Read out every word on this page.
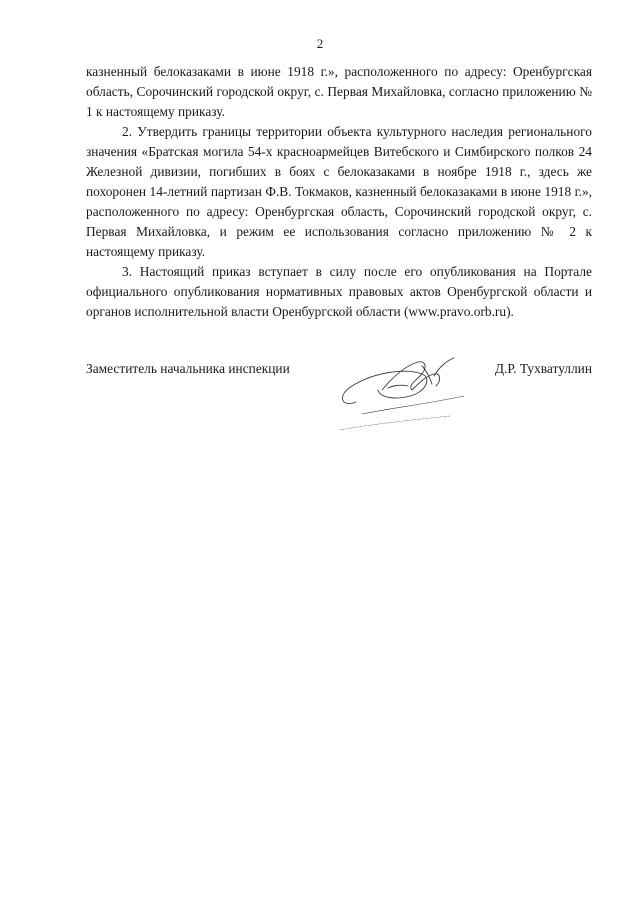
2

казненный белоказаками в июне 1918 г.», расположенного по адресу: Оренбургская область, Сорочинский городской округ, с. Первая Михайловка, согласно приложению № 1 к настоящему приказу.

2. Утвердить границы территории объекта культурного наследия регионального значения «Братская могила 54-х красноармейцев Витебского и Симбирского полков 24 Железной дивизии, погибших в боях с белоказаками в ноябре 1918 г., здесь же похоронен 14-летний партизан Ф.В. Токмаков, казненный белоказаками в июне 1918 г.», расположенного по адресу: Оренбургская область, Сорочинский городской округ, с. Первая Михайловка, и режим ее использования согласно приложению № 2 к настоящему приказу.

3. Настоящий приказ вступает в силу после его опубликования на Портале официального опубликования нормативных правовых актов Оренбургской области и органов исполнительной власти Оренбургской области (www.pravo.orb.ru).

Заместитель начальника инспекции	Д.Р. Тухватуллин
